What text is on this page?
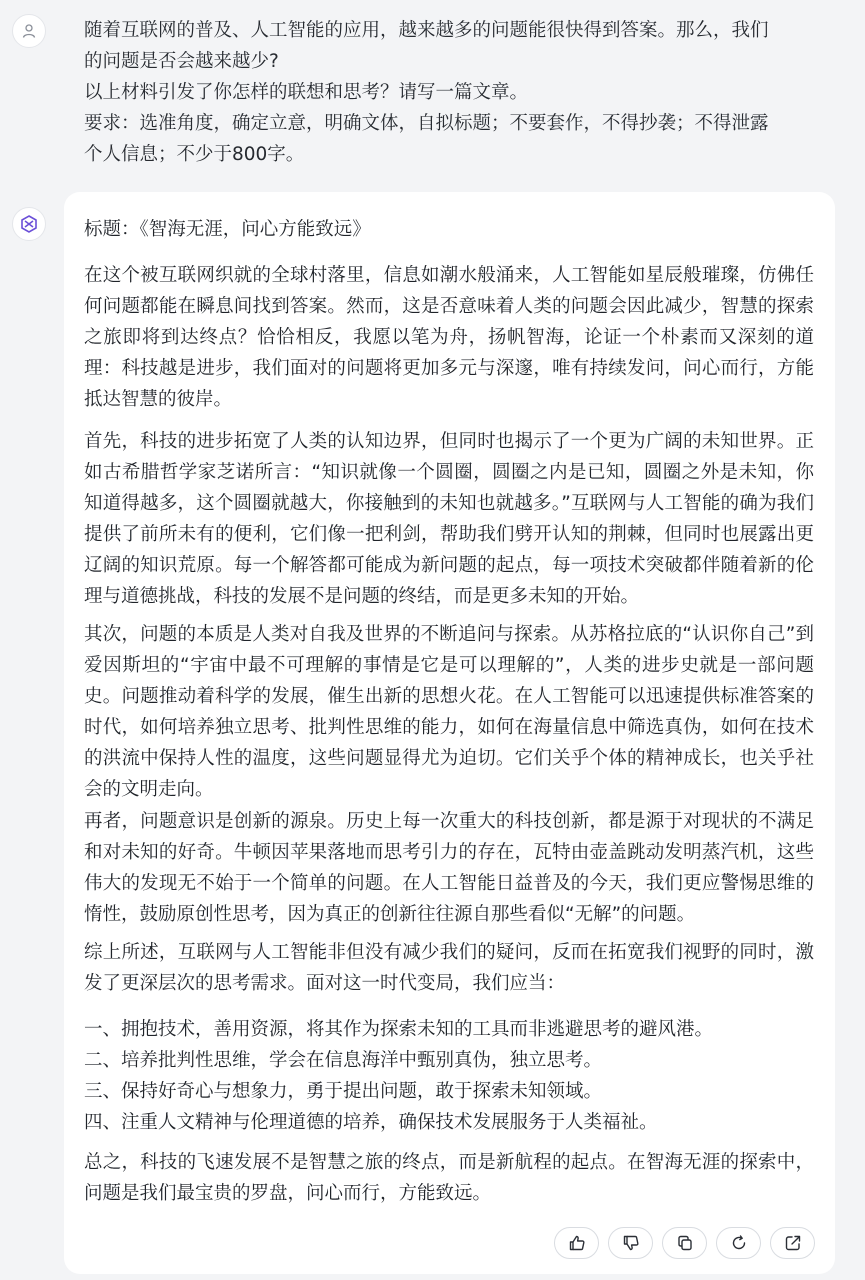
随着互联网的普及、人工智能的应用，越来越多的问题能很快得到答案。那么，我们的问题是否会越来越少?

以上材料引发了你怎样的联想和思考？请写一篇文章。

要求：选准角度，确定立意，明确文体，自拟标题；不要套作，不得抄袭；不得泄露个人信息；不少于800字。

标题：《智海无涯，问心方能致远》

在这个被互联网织就的全球村落里，信息如潮水般涌来，人工智能如星辰般璀璨，仿佛任何问题都能在瞬息间找到答案。然而，这是否意味着人类的问题会因此减少，智慧的探索之旅即将到达终点？恰恰相反，我愿以笔为舟，扬帆智海，论证一个朴素而又深刻的道理：科技越是进步，我们面对的问题将更加多元与深邃，唯有持续发问，问心而行，方能抵达智慧的彼岸。

首先，科技的进步拓宽了人类的认知边界，但同时也揭示了一个更为广阔的未知世界。正如古希腊哲学家芝诺所言：“知识就像一个圆圈，圆圈之内是已知，圆圈之外是未知，你知道得越多，这个圆圈就越大，你接触到的未知也就越多。”互联网与人工智能的确为我们提供了前所未有的便利，它们像一把利剑，帮助我们劈开认知的荆棘，但同时也展露出更辽阔的知识荒原。每一个解答都可能成为新问题的起点，每一项技术突破都伴随着新的伦理与道德挑战，科技的发展不是问题的终结，而是更多未知的开始。

其次，问题的本质是人类对自我及世界的不断追问与探索。从苏格拉底的“认识你自己”到爱因斯坦的“宇宙中最不可理解的事情是它是可以理解的”，人类的进步史就是一部问题史。问题推动着科学的发展，催生出新的思想火花。在人工智能可以迅速提供标准答案的时代，如何培养独立思考、批判性思维的能力，如何在海量信息中筛选真伪，如何在技术的洪流中保持人性的温度，这些问题显得尤为迫切。它们关乎个体的精神成长，也关乎社会的文明走向。

再者，问题意识是创新的源泉。历史上每一次重大的科技创新，都是源于对现状的不满足和对未知的好奇。牛顿因苹果落地而思考引力的存在，瓦特由壶盖跳动发明蒸汽机，这些伟大的发现无不始于一个简单的问题。在人工智能日益普及的今天，我们更应警惕思维的惰性，鼓励原创性思考，因为真正的创新往往源自那些看似“无解”的问题。

综上所述，互联网与人工智能非但没有减少我们的疑问，反而在拓宽我们视野的同时，激发了更深层次的思考需求。面对这一时代变局，我们应当：

一、拥抱技术，善用资源，将其作为探索未知的工具而非逃避思考的避风港。
二、培养批判性思维，学会在信息海洋中甄别真伪，独立思考。
三、保持好奇心与想象力，勇于提出问题，敢于探索未知领域。
四、注重人文精神与伦理道德的培养，确保技术发展服务于人类福祉。

总之，科技的飞速发展不是智慧之旅的终点，而是新航程的起点。在智海无涯的探索中，问题是我们最宝贵的罗盘，问心而行，方能致远。
